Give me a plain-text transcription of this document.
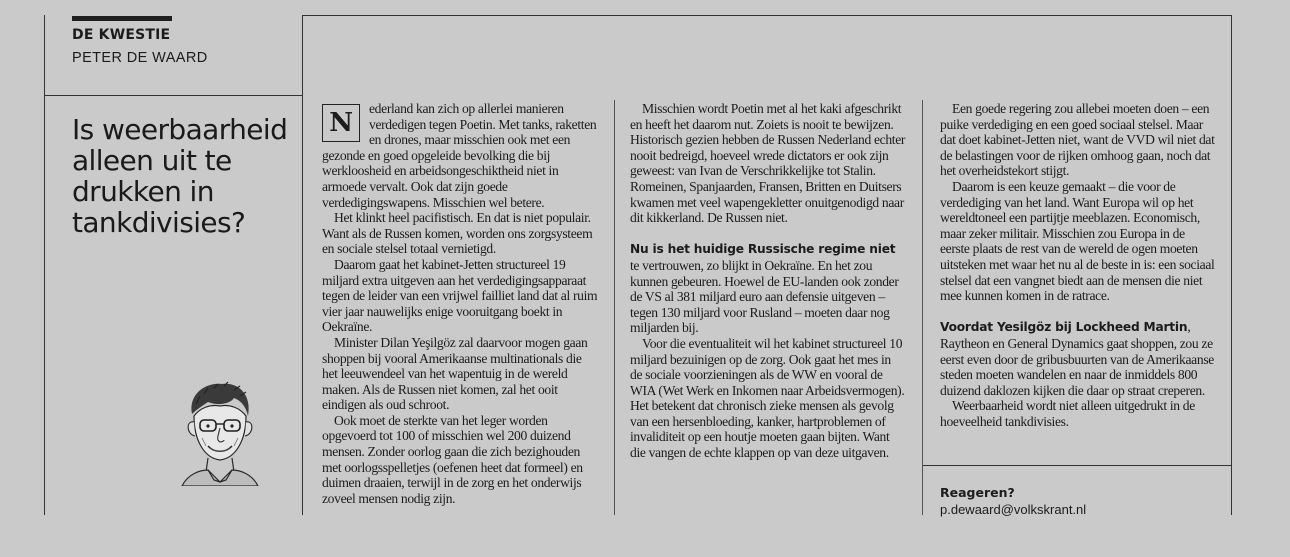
DE KWESTIE

PETER DE WAARD

Is weerbaarheid alleen uit te drukken in tankdivisies?

N	ederland kan zich op allerlei manieren verdedigen tegen Poetin. Met tanks, raketten en drones, maar misschien ook met een gezonde en goed opgeleide bevolking die bij werkloosheid en arbeidsongeschiktheid niet in armoede vervalt. Ook dat zijn goede verdedigingswapens. Misschien wel betere.

Het klinkt heel pacifistisch. En dat is niet populair. Want als de Russen komen, worden ons zorgsysteem en sociale stelsel totaal vernietigd.

Daarom gaat het kabinet-Jetten structureel 19 miljard extra uitgeven aan het verdedigingsapparaat tegen de leider van een vrijwel failliet land dat al ruim vier jaar nauwelijks enige vooruitgang boekt in Oekraïne.

Minister Dilan Yeşilgöz zal daarvoor mogen gaan shoppen bij vooral Amerikaanse multinationals die het leeuwendeel van het wapentuig in de wereld maken. Als de Russen niet komen, zal het ooit eindigen als oud schroot.

Ook moet de sterkte van het leger worden opgevoerd tot 100 of misschien wel 200 duizend mensen. Zonder oorlog gaan die zich bezighouden met oorlogsspelletjes (oefenen heet dat formeel) en duimen draaien, terwijl in de zorg en het onderwijs zoveel mensen nodig zijn.

Misschien wordt Poetin met al het kaki afgeschrikt en heeft het daarom nut. Zoiets is nooit te bewijzen. Historisch gezien hebben de Russen Nederland echter nooit bedreigd, hoeveel wrede dictators er ook zijn geweest: van Ivan de Verschrikkelijke tot Stalin. Romeinen, Spanjaarden, Fransen, Britten en Duitsers kwamen met veel wapengekletter onuitgenodigd naar dit kikkerland. De Russen niet.

Nu is het huidige Russische regime niet te vertrouwen, zo blijkt in Oekraïne. En het zou kunnen gebeuren. Hoewel de EU-landen ook zonder de VS al 381 miljard euro aan defensie uitgeven – tegen 130 miljard voor Rusland – moeten daar nog miljarden bij.

Voor die eventualiteit wil het kabinet structureel 10 miljard bezuinigen op de zorg. Ook gaat het mes in de sociale voorzieningen als de WW en vooral de WIA (Wet Werk en Inkomen naar Arbeidsvermogen). Het betekent dat chronisch zieke mensen als gevolg van een hersenbloeding, kanker, hartproblemen of invaliditeit op een houtje moeten gaan bijten. Want die vangen de echte klappen op van deze uitgaven.

Een goede regering zou allebei moeten doen – een puike verdediging en een goed sociaal stelsel. Maar dat doet kabinet-Jetten niet, want de VVD wil niet dat de belastingen voor de rijken omhoog gaan, noch dat het overheidstekort stijgt.

Daarom is een keuze gemaakt – die voor de verdediging van het land. Want Europa wil op het wereldtoneel een partijtje meeblazen. Economisch, maar zeker militair. Misschien zou Europa in de eerste plaats de rest van de wereld de ogen moeten uitsteken met waar het nu al de beste in is: een sociaal stelsel dat een vangnet biedt aan de mensen die niet mee kunnen komen in de ratrace.

Voordat Yesilgöz bij Lockheed Martin, Raytheon en General Dynamics gaat shoppen, zou ze eerst even door de gribusbuurten van de Amerikaanse steden moeten wandelen en naar de inmiddels 800 duizend daklozen kijken die daar op straat creperen.

Weerbaarheid wordt niet alleen uitgedrukt in de hoeveelheid tankdivisies.

Reageren?

p.dewaard@volkskrant.nl
